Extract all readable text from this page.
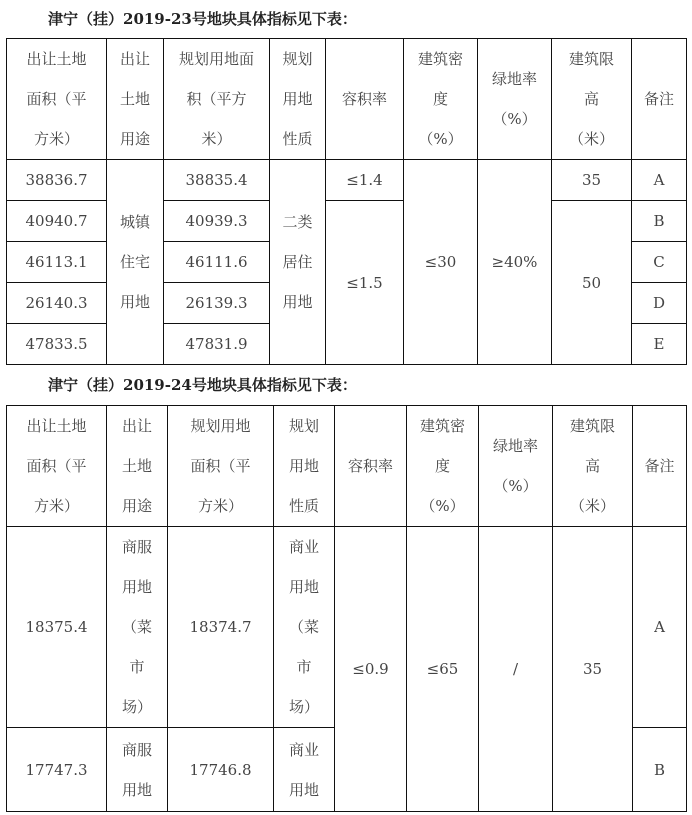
津宁（挂）2019-23号地块具体指标见下表：
出让土地
面积（平
方米）	出让
土地
用途	规划用地面
积（平方
米）	规划
用地
性质	容积率	建筑密
度
（%）	绿地率
（%）	建筑限
高
（米）	备注
38836.7	城镇
住宅
用地	38835.4	二类
居住
用地	≤1.4	≤30	≥40%	35	A
40940.7		40939.3		≤1.5			50	B
46113.1		46111.6						C
26140.3		26139.3						D
47833.5		47831.9						E
津宁（挂）2019-24号地块具体指标见下表：
出让土地
面积（平
方米）	出让
土地
用途	规划用地
面积（平
方米）	规划
用地
性质	容积率	建筑密
度
（%）	绿地率
（%）	建筑限
高
（米）	备注
18375.4	商服
用地
（菜
市
场）	18374.7	商业
用地
（菜
市
场）	≤0.9	≤65	/	35	A
17747.3	商服
用地	17746.8	商业
用地					B
